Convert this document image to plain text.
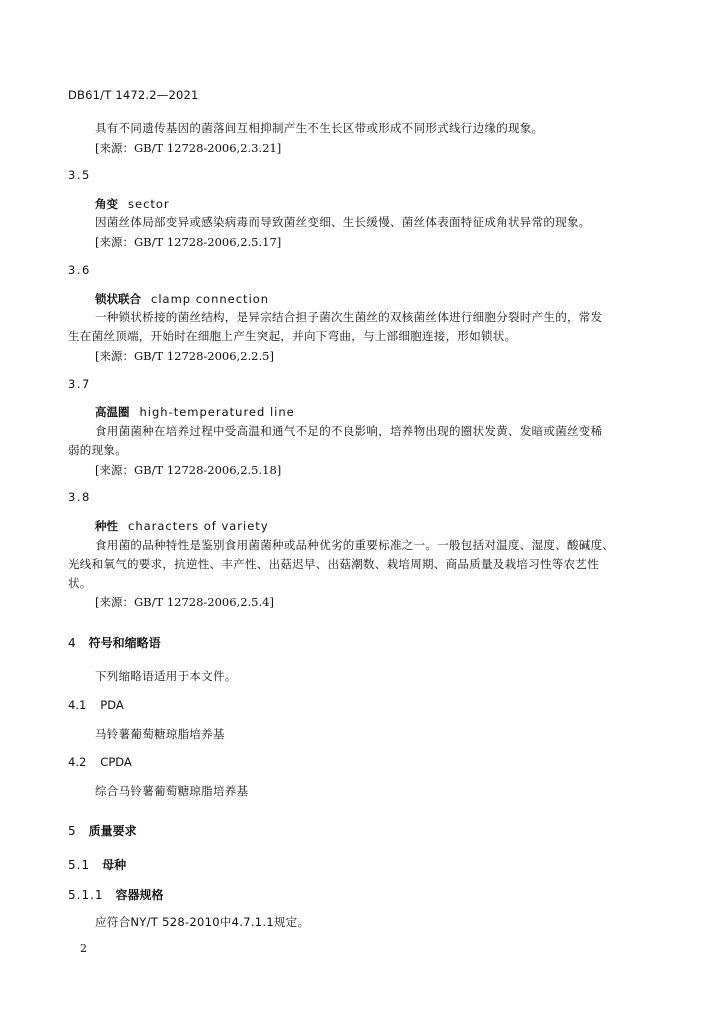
DB61/T 1472.2—2021
具有不同遗传基因的菌落间互相抑制产生不生长区带或形成不同形式线行边缘的现象。
[来源：GB/T 12728-2006,2.3.21]
3.5
角变 sector
因菌丝体局部变异或感染病毒而导致菌丝变细、生长缓慢、菌丝体表面特征成角状异常的现象。
[来源：GB/T 12728-2006,2.5.17]
3.6
锁状联合 clamp connection
一种锁状桥接的菌丝结构，是异宗结合担子菌次生菌丝的双核菌丝体进行细胞分裂时产生的，常发
生在菌丝顶端，开始时在细胞上产生突起，并向下弯曲，与上部细胞连接，形如锁状。
[来源：GB/T 12728-2006,2.2.5]
3.7
高温圈 high-temperatured line
食用菌菌种在培养过程中受高温和通气不足的不良影响，培养物出现的圈状发黄、发暗或菌丝变稀
弱的现象。
[来源：GB/T 12728-2006,2.5.18]
3.8
种性 characters of variety
食用菌的品种特性是鉴别食用菌菌种或品种优劣的重要标准之一。一般包括对温度、湿度、酸碱度、
光线和氧气的要求，抗逆性、丰产性、出菇迟早、出菇潮数、栽培周期、商品质量及栽培习性等农艺性
状。
[来源：GB/T 12728-2006,2.5.4]
4 符号和缩略语
下列缩略语适用于本文件。
4.1 PDA
马铃薯葡萄糖琼脂培养基
4.2 CPDA
综合马铃薯葡萄糖琼脂培养基
5 质量要求
5.1 母种
5.1.1 容器规格
应符合NY/T 528-2010中4.7.1.1规定。
2
